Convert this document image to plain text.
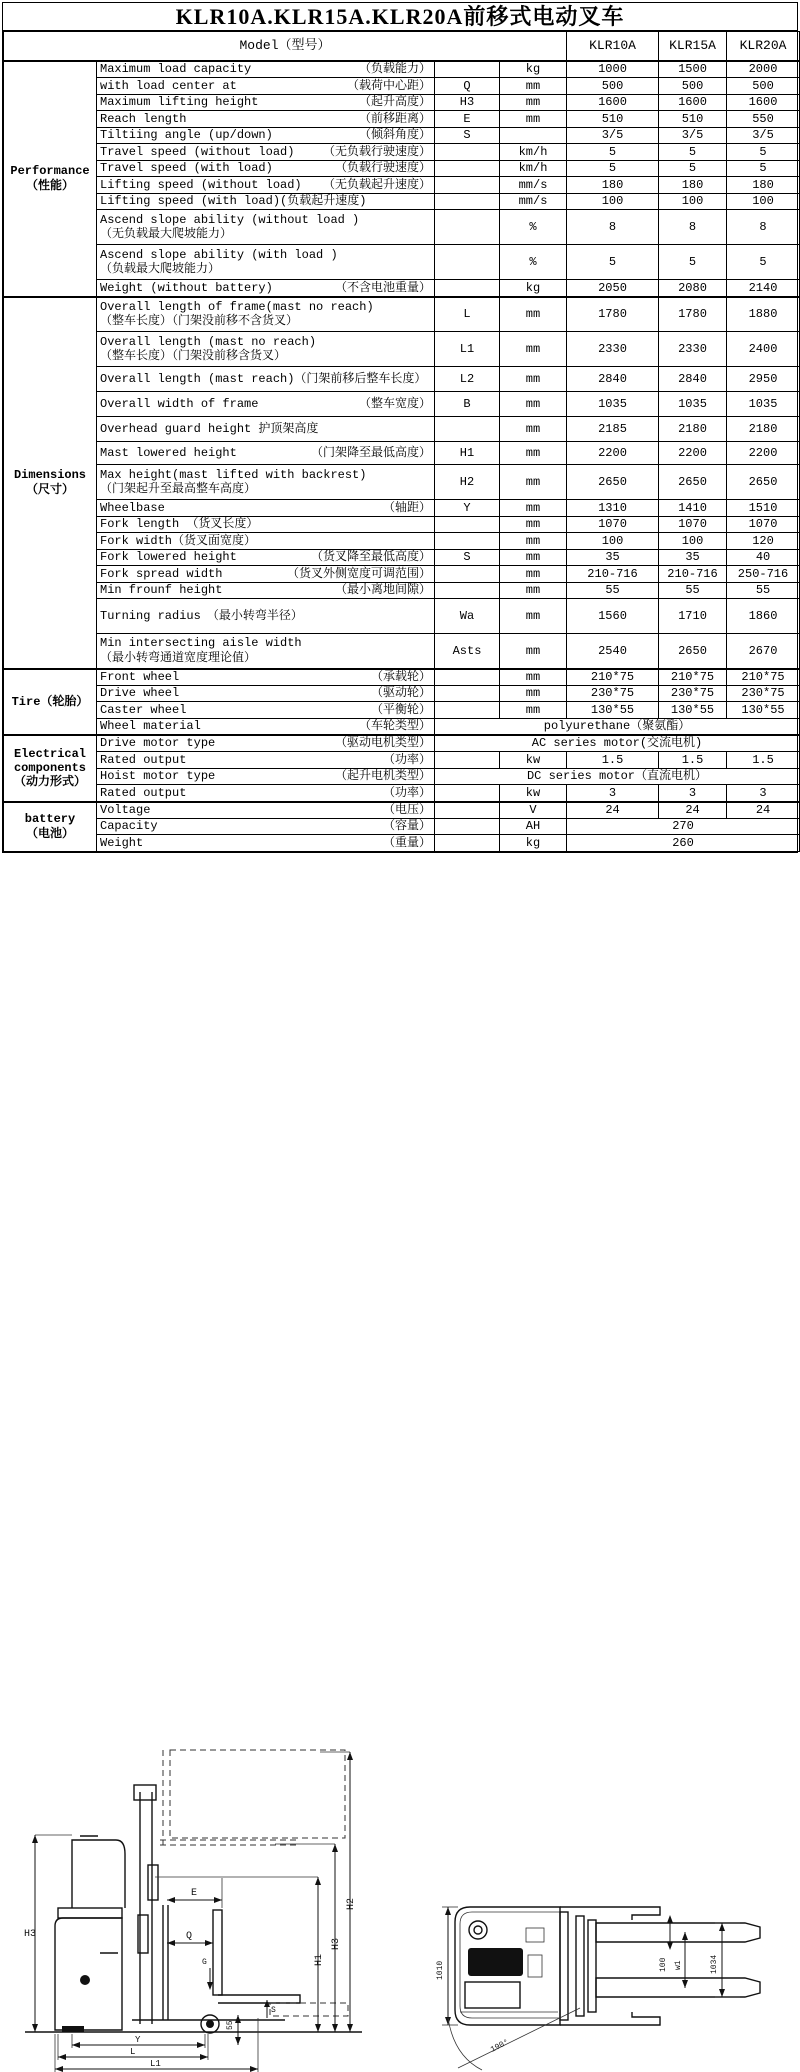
KLR10A.KLR15A.KLR20A前移式电动叉车
Model（型号）				KLR10A	KLR15A	KLR20A

Performance
（性能）

Maximum load capacity	（负载能力）		kg	1000	1500	2000

	with load center at （载荷中心距）	Q	mm	500	500	500

	Maximum lifting height （起升高度）	H3	mm	1600	1600	1600

	Reach length （前移距离）	E	mm	510	510	550

	Tiltiing angle (up/down) （倾斜角度）	S		3/5	3/5	3/5

	Travel speed (without load) （无负载行驶速度）		km/h	5	5	5

	Travel speed (with load) （负载行驶速度）		km/h	5	5	5

	Lifting speed (without load) （无负载起升速度）		mm/s	180	180	180
	Lifting speed (with load)(负载起升速度)		mm/s	100	100	100

	Ascend slope ability (without load )
（无负载最大爬坡能力）		%	8	8	8

	Ascend slope ability (with load )
（负载最大爬坡能力）		%	5	5	5

	Weight (without battery) （不含电池重量）		kg	2050	2080	2140

Dimensions
（尺寸）

Overall length of frame(mast no reach)
（整车长度）（门架没前移不含货叉）
	L	mm	1780	1780	1880

	Overall length (mast no reach)
（整车长度）（门架没前移含货叉）	L1	mm	2330	2330	2400
	Overall length (mast reach)（门架前移后整车长度）	L2	mm	2840	2840	2950

	Overall width of frame （整车宽度）	B	mm	1035	1035	1035
	Overhead guard height 护顶架高度		mm	2185	2180	2180

	Mast lowered height （门架降至最低高度）	H1	mm	2200	2200	2200

	Max height(mast lifted with backrest)
（门架起升至最高整车高度）	H2	mm	2650	2650	2650

	Wheelbase （轴距）	Y	mm	1310	1410	1510
	Fork length （货叉长度）		mm	1070	1070	1070
	Fork width（货叉面宽度）		mm	100	100	120

	Fork lowered height （货叉降至最低高度）	S	mm	35	35	40

	Fork spread width （货叉外侧宽度可调范围）		mm	210-716	210-716	250-716

	Min frounf height （最小离地间隙）		mm	55	55	55
	Turning radius　（最小转弯半径）	Wa	mm	1560	1710	1860

	Min intersecting aisle width
（最小转弯通道宽度理论值）	Asts	mm	2540	2650	2670

Tire（轮胎）	Front wheel （承载轮）		mm	210*75	210*75	210*75

	Drive wheel （驱动轮）		mm	230*75	230*75	230*75

	Caster wheel （平衡轮）		mm	130*55	130*55	130*55

	Wheel material （车轮类型）	polyurethane（聚氨酯）				

Electrical
components
（动力形式）

Drive motor type	（驱动电机类型）	AC series motor(交流电机)

	Rated output （功率）		kw	1.5	1.5	1.5

	Hoist motor type （起升电机类型）	DC series motor（直流电机）				

	Rated output （功率）		kw	3	3	3

battery
（电池）

Voltage	（电压）		V	24	24	24

	Capacity （容量）		AH	270		

	Weight （重量）		kg	260		
H3
E
Q
G	H1
H3
H2
Y
L
L1
55
S
1010	100 w1	1034
190°
